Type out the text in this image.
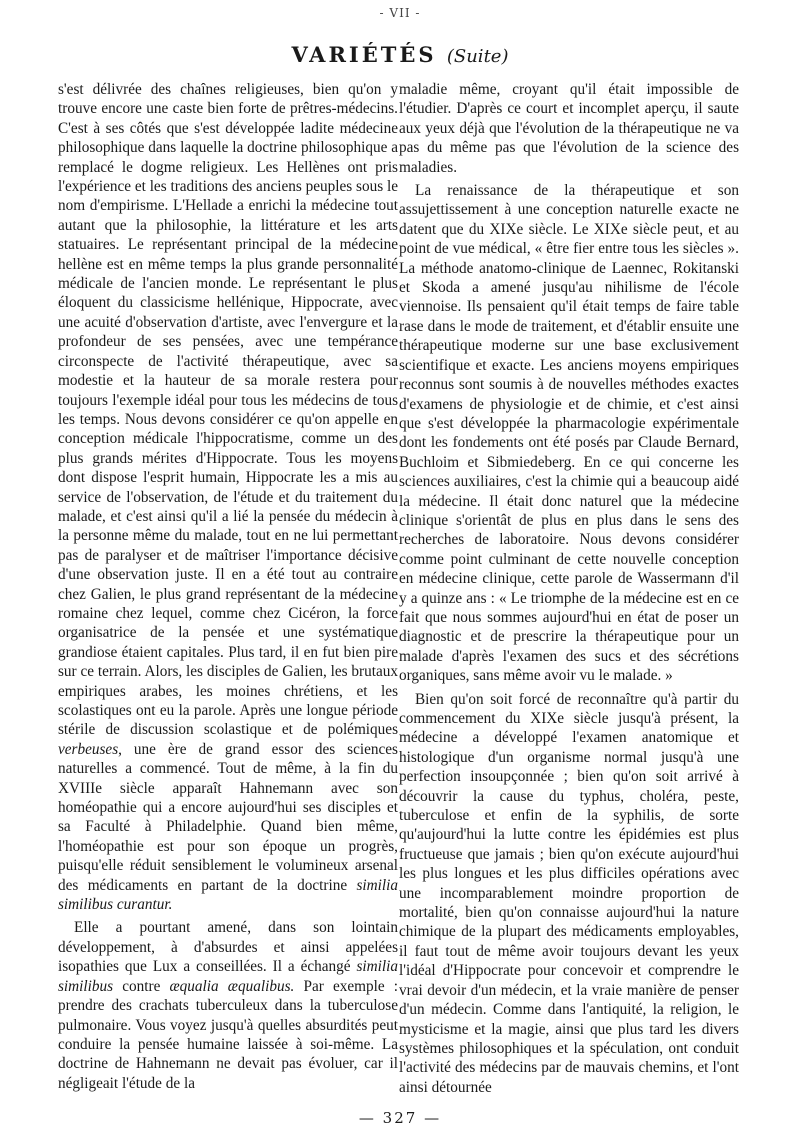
- VII -
VARIÉTÉS (Suite)

s'est délivrée des chaînes religieuses, bien qu'on y trouve encore une caste bien forte de prêtres-médecins. C'est à ses côtés que s'est développée ladite médecine philosophique dans laquelle la doctrine philosophique a remplacé le dogme religieux. Les Hellènes ont pris l'expérience et les traditions des anciens peuples sous le nom d'empirisme. L'Hellade a enrichi la médecine tout autant que la philosophie, la littérature et les arts statuaires. Le représentant principal de la médecine hellène est en même temps la plus grande personnalité médicale de l'ancien monde. Le représentant le plus éloquent du classicisme hellénique, Hippocrate, avec une acuité d'observation d'artiste, avec l'envergure et la profondeur de ses pensées, avec une tempérance circonspecte de l'activité thérapeutique, avec sa modestie et la hauteur de sa morale restera pour toujours l'exemple idéal pour tous les médecins de tous les temps. Nous devons considérer ce qu'on appelle en conception médicale l'hippocratisme, comme un des plus grands mérites d'Hippocrate. Tous les moyens dont dispose l'esprit humain, Hippocrate les a mis au service de l'observation, de l'étude et du traitement du malade, et c'est ainsi qu'il a lié la pensée du médecin à la personne même du malade, tout en ne lui permettant pas de paralyser et de maîtriser l'importance décisive d'une observation juste. Il en a été tout au contraire chez Galien, le plus grand représentant de la médecine romaine chez lequel, comme chez Cicéron, la force organisatrice de la pensée et une systématique grandiose étaient capitales. Plus tard, il en fut bien pire sur ce terrain. Alors, les disciples de Galien, les brutaux empiriques arabes, les moines chrétiens, et les scolastiques ont eu la parole. Après une longue période stérile de discussion scolastique et de polémiques verbeuses, une ère de grand essor des sciences naturelles a commencé. Tout de même, à la fin du XVIIIe siècle apparaît Hahnemann avec son homéopathie qui a encore aujourd'hui ses disciples et sa Faculté à Philadelphie. Quand bien même, l'homéopathie est pour son époque un progrès, puisqu'elle réduit sensiblement le volumineux arsenal des médicaments en partant de la doctrine similia similibus curantur.

Elle a pourtant amené, dans son lointain développement, à d'absurdes et ainsi appelées isopathies que Lux a conseillées. Il a échangé similia similibus contre æqualia æqualibus. Par exemple : prendre des crachats tuberculeux dans la tuberculose pulmonaire. Vous voyez jusqu'à quelles absurdités peut conduire la pensée humaine laissée à soi-même. La doctrine de Hahnemann ne devait pas évoluer, car il négligeait l'étude de la

maladie même, croyant qu'il était impossible de l'étudier. D'après ce court et incomplet aperçu, il saute aux yeux déjà que l'évolution de la thérapeutique ne va pas du même pas que l'évolution de la science des maladies.

La renaissance de la thérapeutique et son assujettissement à une conception naturelle exacte ne datent que du XIXe siècle. Le XIXe siècle peut, et au point de vue médical, « être fier entre tous les siècles ». La méthode anatomo-clinique de Laennec, Rokitanski et Skoda a amené jusqu'au nihilisme de l'école viennoise. Ils pensaient qu'il était temps de faire table rase dans le mode de traitement, et d'établir ensuite une thérapeutique moderne sur une base exclusivement scientifique et exacte. Les anciens moyens empiriques reconnus sont soumis à de nouvelles méthodes exactes d'examens de physiologie et de chimie, et c'est ainsi que s'est développée la pharmacologie expérimentale dont les fondements ont été posés par Claude Bernard, Buchloim et Sibmiedeberg. En ce qui concerne les sciences auxiliaires, c'est la chimie qui a beaucoup aidé la médecine. Il était donc naturel que la médecine clinique s'orientât de plus en plus dans le sens des recherches de laboratoire. Nous devons considérer comme point culminant de cette nouvelle conception en médecine clinique, cette parole de Wassermann d'il y a quinze ans : « Le triomphe de la médecine est en ce fait que nous sommes aujourd'hui en état de poser un diagnostic et de prescrire la thérapeutique pour un malade d'après l'examen des sucs et des sécrétions organiques, sans même avoir vu le malade. »

Bien qu'on soit forcé de reconnaître qu'à partir du commencement du XIXe siècle jusqu'à présent, la médecine a développé l'examen anatomique et histologique d'un organisme normal jusqu'à une perfection insoupçonnée ; bien qu'on soit arrivé à découvrir la cause du typhus, choléra, peste, tuberculose et enfin de la syphilis, de sorte qu'aujourd'hui la lutte contre les épidémies est plus fructueuse que jamais ; bien qu'on exécute aujourd'hui les plus longues et les plus difficiles opérations avec une incomparablement moindre proportion de mortalité, bien qu'on connaisse aujourd'hui la nature chimique de la plupart des médicaments employables, il faut tout de même avoir toujours devant les yeux l'idéal d'Hippocrate pour concevoir et comprendre le vrai devoir d'un médecin, et la vraie manière de penser d'un médecin. Comme dans l'antiquité, la religion, le mysticisme et la magie, ainsi que plus tard les divers systèmes philosophiques et la spéculation, ont conduit l'activité des médecins par de mauvais chemins, et l'ont ainsi détournée

— 327 —
